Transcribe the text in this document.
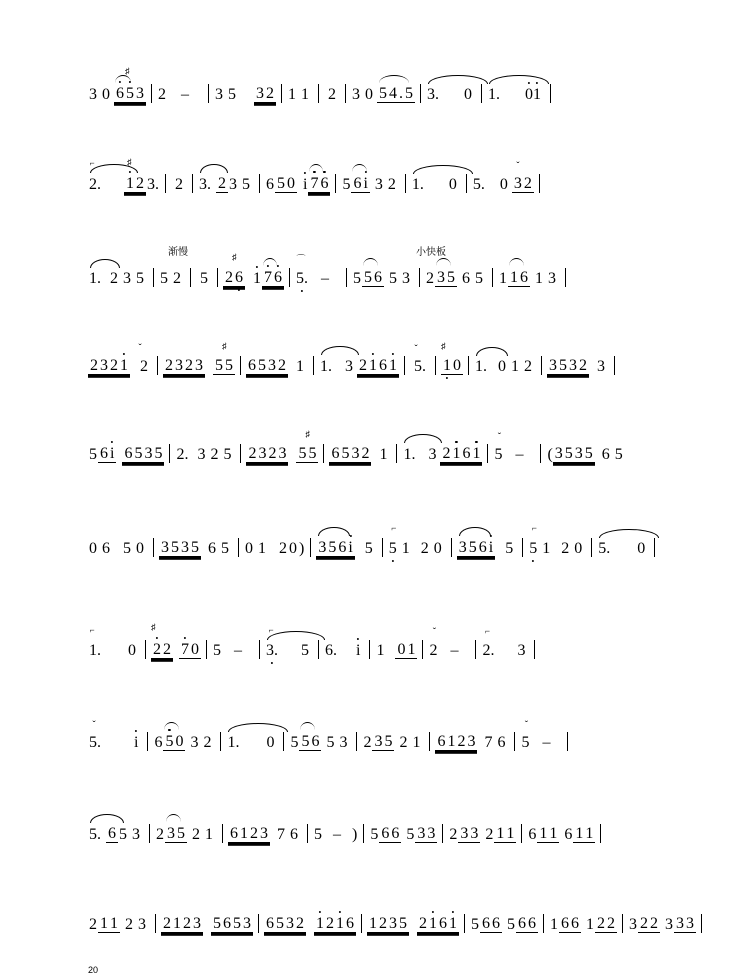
3 0 6 5 3
♯
2 –	3 5 3 2 1 1 2 3 0 5 4 . 5 3.	0 1.	01
⌐
2. 1 2
♯
3. 2 3. 2 3 5 6 5 0 i 7 6 5 6 i 3 2 1.	0 5. 0 3 2
ˇ
渐慢	小快板
1. 2 3 5 5 2 5 2 6
♯
1 7 6
⌒
5. –	5 5 6 5 3 2 3 5 6 5 1 1 6 1 3
2 3 2 1 2
ˇ
2 3 2 3 5 5
♯
6 5 3 2 1 1. 3 2 1 6 1
ˇ
5. 1 0
♯
1. 0 1 2 3 5 3 2 3
5 6 i 6 5 3 5 2. 3 2 5 2 3 2 3 5 5
♯
6 5 3 2 1 1. 3 2 1 6 1
ˇ
5 –	( 3 5 3 5 6 5
0 6 5 0 3 5 3 5 6 5 0 1 2 0 ) 3 5 6 i 5
⌐
5 1 2 0 3 5 6 i 5
⌐
5 1 2 0 5.	0
⌐
1.	0 2 2
♯
7 0 5 –
⌐
3.	5 6.	i 1 0 1
ˇ
2 –
⌐
2.	3
ˇ
5.	i 6 5 0 3 2 1.	0 5 5 6 5 3 2 3 5 2 1 6 1 2 3 7 6
ˇ
5 –
5. 6 5 3 2 3 5 2 1 6 1 2 3 7 6 5 – ) 5 6 6 5 3 3 2 3 3 2 1 1 6 1 1 6 1 1
2 1 1 2 3 2 1 2 3 5 6 5 3 6 5 3 2 1 2 1 6 1 2 3 5 2 1 6 1 5 6 6 5 6 6 1 6 6 1 2 2 3 2 2 3 3 3
20
